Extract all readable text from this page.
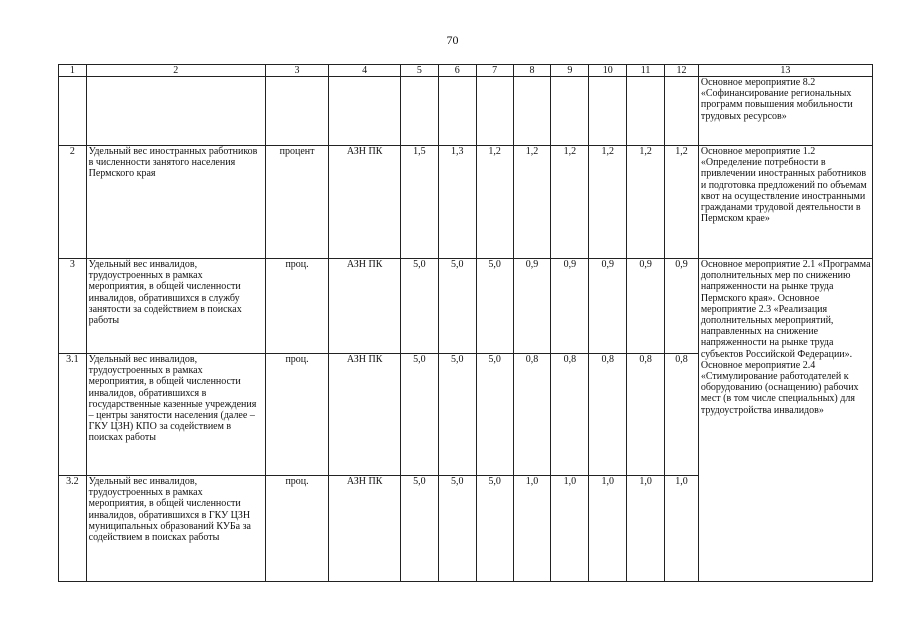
70
1	2	3	4	5	6	7	8	9	10	11	12	13
												Основное мероприятие 8.2 «Софинансирование региональных программ повышения мобильности трудовых ресурсов»
2	Удельный вес иностранных работников в численности занятого населения Пермского края	процент	АЗН ПК	1,5	1,3	1,2	1,2	1,2	1,2	1,2	1,2	Основное мероприятие 1.2 «Определение потребности в привлечении иностранных работников и подготовка предложений по объемам квот на осуществление иностранными гражданами трудовой деятельности в Пермском крае»
3	Удельный вес инвалидов, трудоустроенных в рамках мероприятия, в общей численности инвалидов, обратившихся в службу занятости за содействием в поисках работы	проц.	АЗН ПК	5,0	5,0	5,0	0,9	0,9	0,9	0,9	0,9	Основное мероприятие 2.1 «Программа дополнительных мер по снижению напряженности на рынке труда Пермского края». Основное мероприятие 2.3 «Реализация дополнительных мероприятий, направленных на снижение напряженности на рынке труда субъектов Российской Федерации». Основное мероприятие 2.4 «Стимулирование работодателей к оборудованию (оснащению) рабочих мест (в том числе специальных) для трудоустройства инвалидов»
3.1	Удельный вес инвалидов, трудоустроенных в рамках мероприятия, в общей численности инвалидов, обратившихся в государственные казенные учреждения – центры занятости населения (далее – ГКУ ЦЗН) КПО за содействием в поисках работы	проц.	АЗН ПК	5,0	5,0	5,0	0,8	0,8	0,8	0,8	0,8	
3.2	Удельный вес инвалидов, трудоустроенных в рамках мероприятия, в общей численности инвалидов, обратившихся в ГКУ ЦЗН муниципальных образований КУБа за содействием в поисках работы	проц.	АЗН ПК	5,0	5,0	5,0	1,0	1,0	1,0	1,0	1,0	
